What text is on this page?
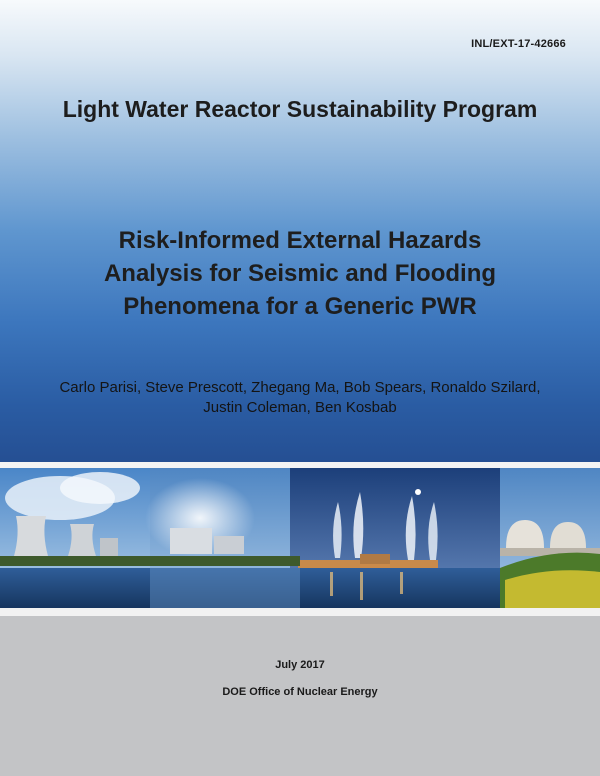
INL/EXT-17-42666
Light Water Reactor Sustainability Program
Risk-Informed External Hazards
Analysis for Seismic and Flooding
Phenomena for a Generic PWR
Carlo Parisi, Steve Prescott, Zhegang Ma, Bob Spears, Ronaldo Szilard,
Justin Coleman, Ben Kosbab
July 2017
DOE Office of Nuclear Energy
